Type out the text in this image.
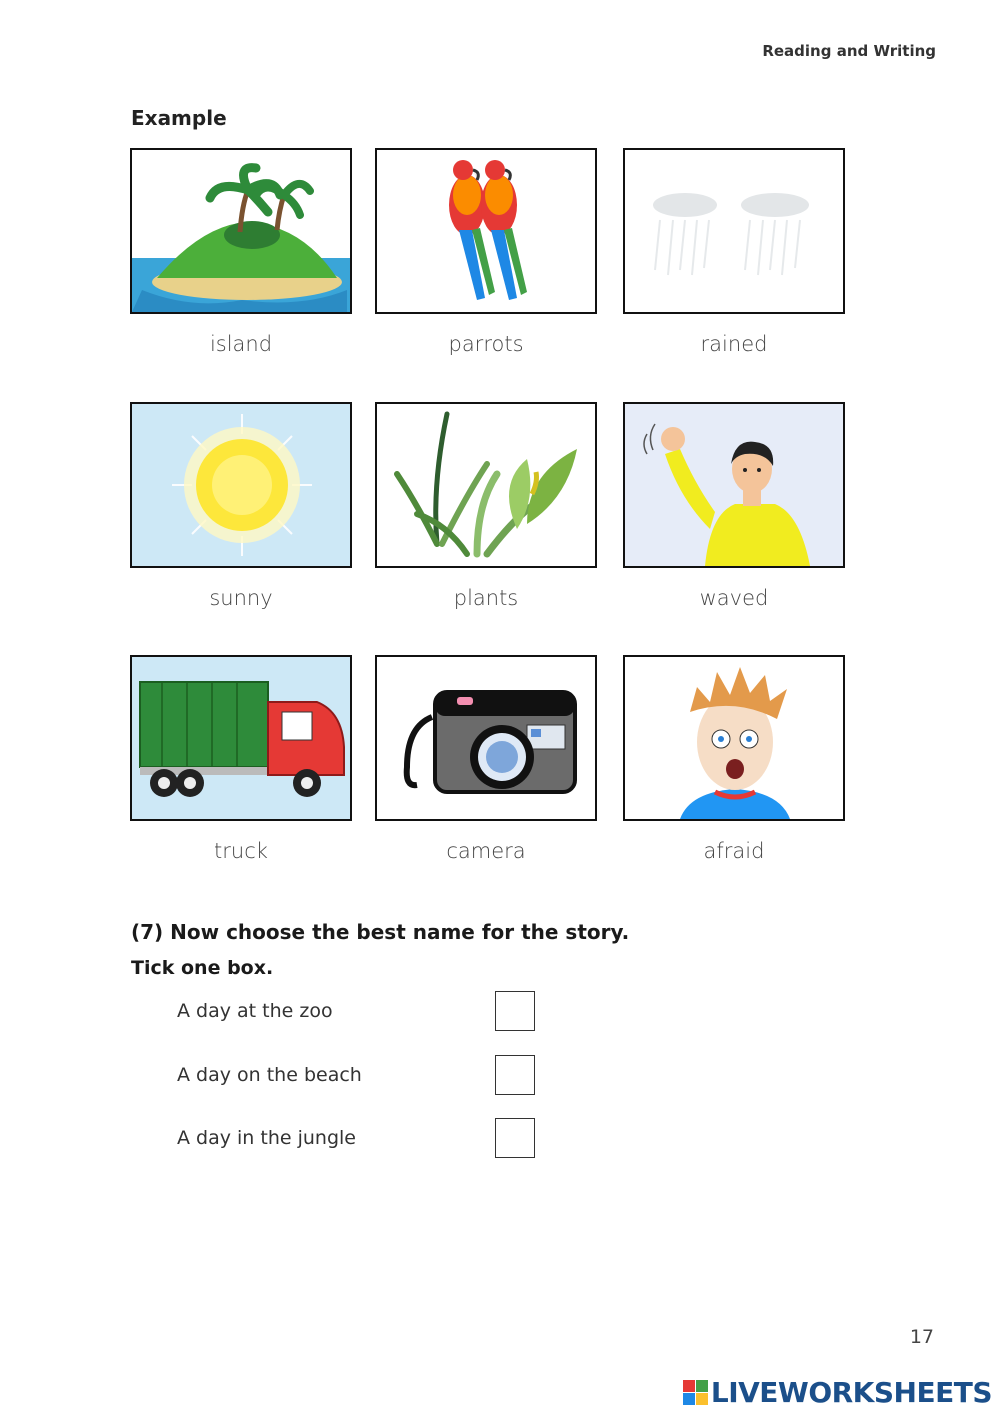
Reading and Writing
Example
island	parrots	rained
sunny	plants	waved
truck	camera	afraid
(7) Now choose the best name for the story.
Tick one box.
A day at the zoo
A day on the beach
A day in the jungle
17
LIVEWORKSHEETS
